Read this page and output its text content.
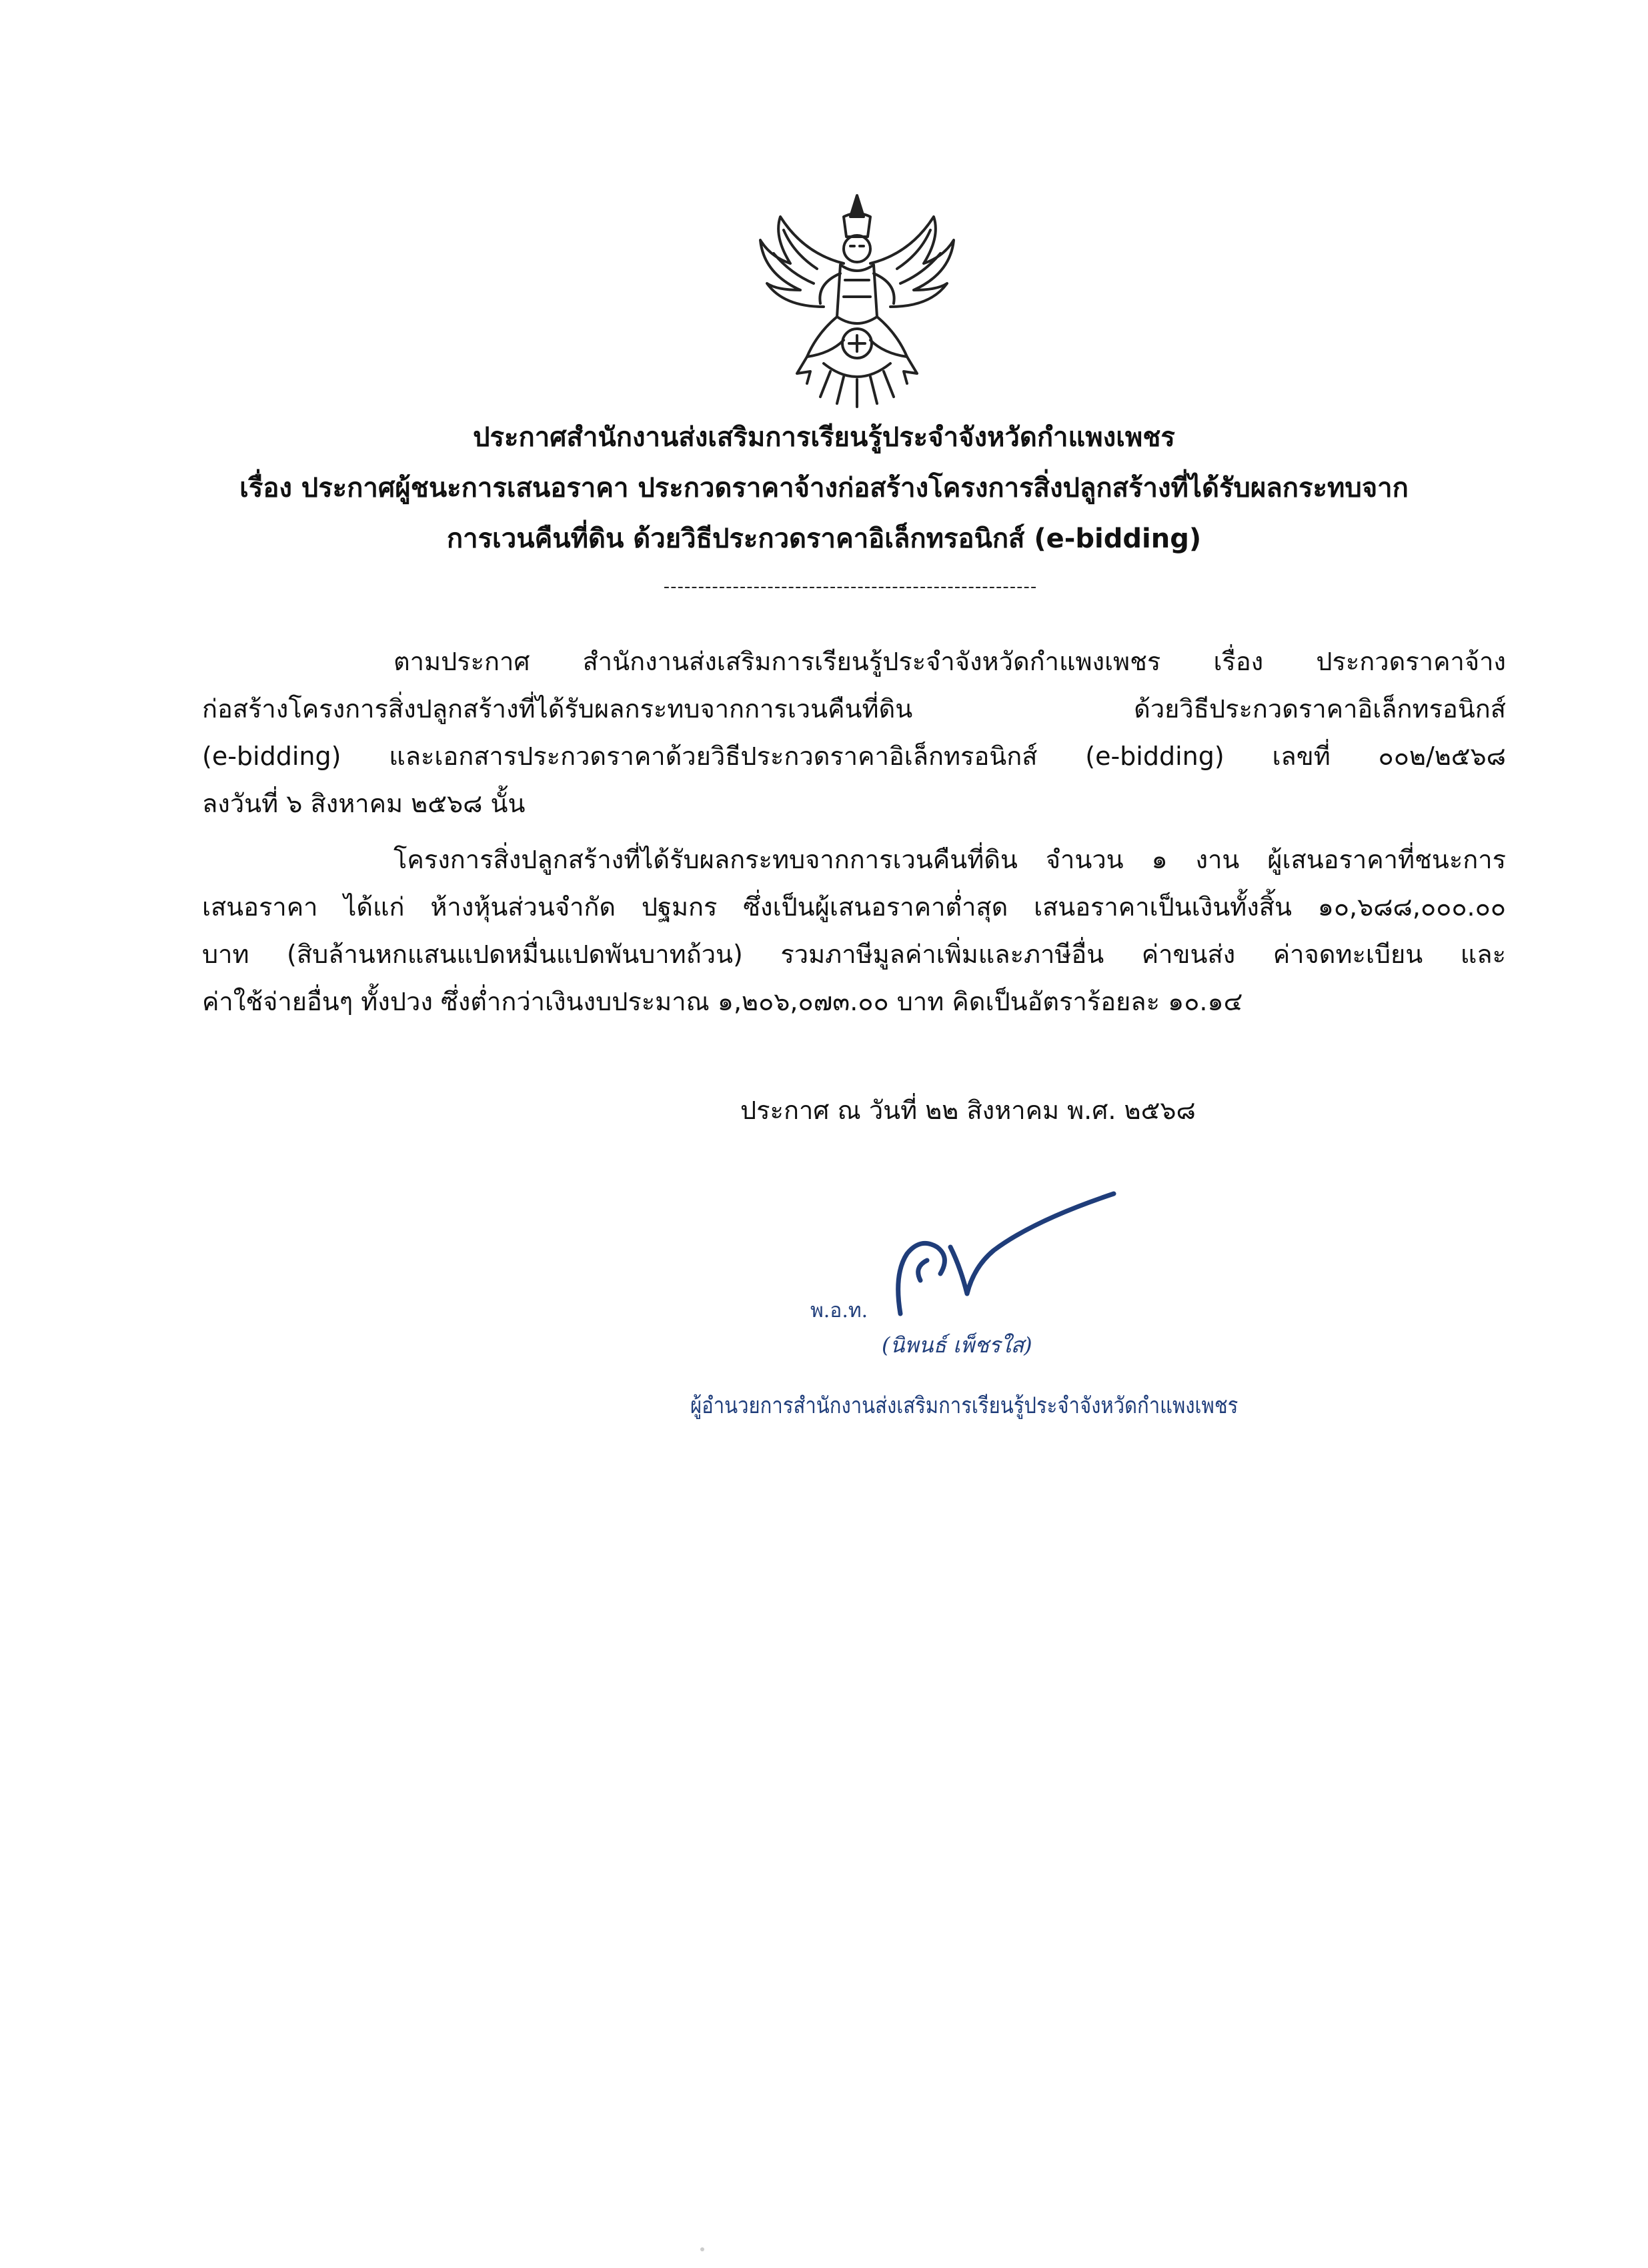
ประกาศสำนักงานส่งเสริมการเรียนรู้ประจำจังหวัดกำแพงเพชร
เรื่อง ประกาศผู้ชนะการเสนอราคา ประกวดราคาจ้างก่อสร้างโครงการสิ่งปลูกสร้างที่ได้รับผลกระทบจาก
การเวนคืนที่ดิน ด้วยวิธีประกวดราคาอิเล็กทรอนิกส์ (e-bidding)
------------------------------------------------------
ตามประกาศ สำนักงานส่งเสริมการเรียนรู้ประจำจังหวัดกำแพงเพชร เรื่อง ประกวดราคาจ้าง
ก่อสร้างโครงการสิ่งปลูกสร้างที่ได้รับผลกระทบจากการเวนคืนที่ดิน ด้วยวิธีประกวดราคาอิเล็กทรอนิกส์
(e-bidding) และเอกสารประกวดราคาด้วยวิธีประกวดราคาอิเล็กทรอนิกส์ (e-bidding) เลขที่ ๐๐๒/๒๕๖๘
ลงวันที่ ๖ สิงหาคม ๒๕๖๘ นั้น
โครงการสิ่งปลูกสร้างที่ได้รับผลกระทบจากการเวนคืนที่ดิน จำนวน ๑ งาน ผู้เสนอราคาที่ชนะการ
เสนอราคา ได้แก่ ห้างหุ้นส่วนจำกัด ปฐมกร ซึ่งเป็นผู้เสนอราคาต่ำสุด เสนอราคาเป็นเงินทั้งสิ้น ๑๐,๖๘๘,๐๐๐.๐๐
บาท (สิบล้านหกแสนแปดหมื่นแปดพันบาทถ้วน) รวมภาษีมูลค่าเพิ่มและภาษีอื่น ค่าขนส่ง ค่าจดทะเบียน และ
ค่าใช้จ่ายอื่นๆ ทั้งปวง ซึ่งต่ำกว่าเงินงบประมาณ ๑,๒๐๖,๐๗๓.๐๐ บาท คิดเป็นอัตราร้อยละ ๑๐.๑๔
ประกาศ ณ วันที่ ๒๒ สิงหาคม พ.ศ. ๒๕๖๘
พ.อ.ท.
(นิพนธ์ เพ็ชรใส)
ผู้อำนวยการสำนักงานส่งเสริมการเรียนรู้ประจำจังหวัดกำแพงเพชร
